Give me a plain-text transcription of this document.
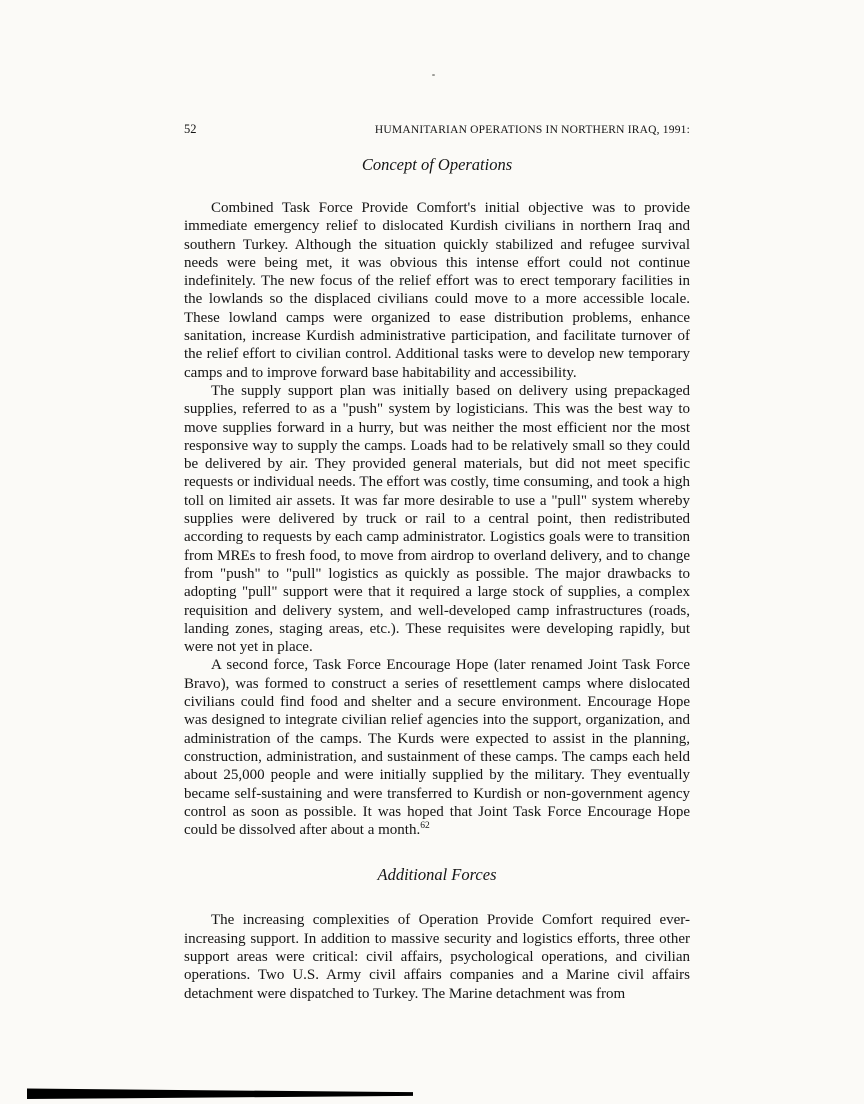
52	HUMANITARIAN OPERATIONS IN NORTHERN IRAQ, 1991:
Concept of Operations

Combined Task Force Provide Comfort's initial objective was to provide immediate emergency relief to dislocated Kurdish civilians in northern Iraq and southern Turkey. Although the situation quickly stabilized and refugee survival needs were being met, it was obvious this intense effort could not continue indefinitely. The new focus of the relief effort was to erect temporary facilities in the lowlands so the displaced civilians could move to a more accessible locale. These lowland camps were organized to ease distribution problems, enhance sanitation, increase Kurdish administrative participation, and facilitate turnover of the relief effort to civilian control. Additional tasks were to develop new temporary camps and to improve forward base habitability and accessibility.

The supply support plan was initially based on delivery using prepackaged supplies, referred to as a "push" system by logisticians. This was the best way to move supplies forward in a hurry, but was neither the most efficient nor the most responsive way to supply the camps. Loads had to be relatively small so they could be delivered by air. They provided general materials, but did not meet specific requests or individual needs. The effort was costly, time consuming, and took a high toll on limited air assets. It was far more desirable to use a "pull" system whereby supplies were delivered by truck or rail to a central point, then redistributed according to requests by each camp administrator. Logistics goals were to transition from MREs to fresh food, to move from airdrop to overland delivery, and to change from "push" to "pull" logistics as quickly as possible. The major drawbacks to adopting "pull" support were that it required a large stock of supplies, a complex requisition and delivery system, and well-developed camp infrastructures (roads, landing zones, staging areas, etc.). These requisites were developing rapidly, but were not yet in place.

A second force, Task Force Encourage Hope (later renamed Joint Task Force Bravo), was formed to construct a series of resettlement camps where dislocated civilians could find food and shelter and a secure environment. Encourage Hope was designed to integrate civilian relief agencies into the support, organization, and administration of the camps. The Kurds were expected to assist in the planning, construction, administration, and sustainment of these camps. The camps each held about 25,000 people and were initially supplied by the military. They eventually became self-sustaining and were transferred to Kurdish or non-government agency control as soon as possible. It was hoped that Joint Task Force Encourage Hope could be dissolved after about a month.$^{62}$

Additional Forces

The increasing complexities of Operation Provide Comfort required ever-increasing support. In addition to massive security and logistics efforts, three other support areas were critical: civil affairs, psychological operations, and civilian operations. Two U.S. Army civil affairs companies and a Marine civil affairs detachment were dispatched to Turkey. The Marine detachment was from
